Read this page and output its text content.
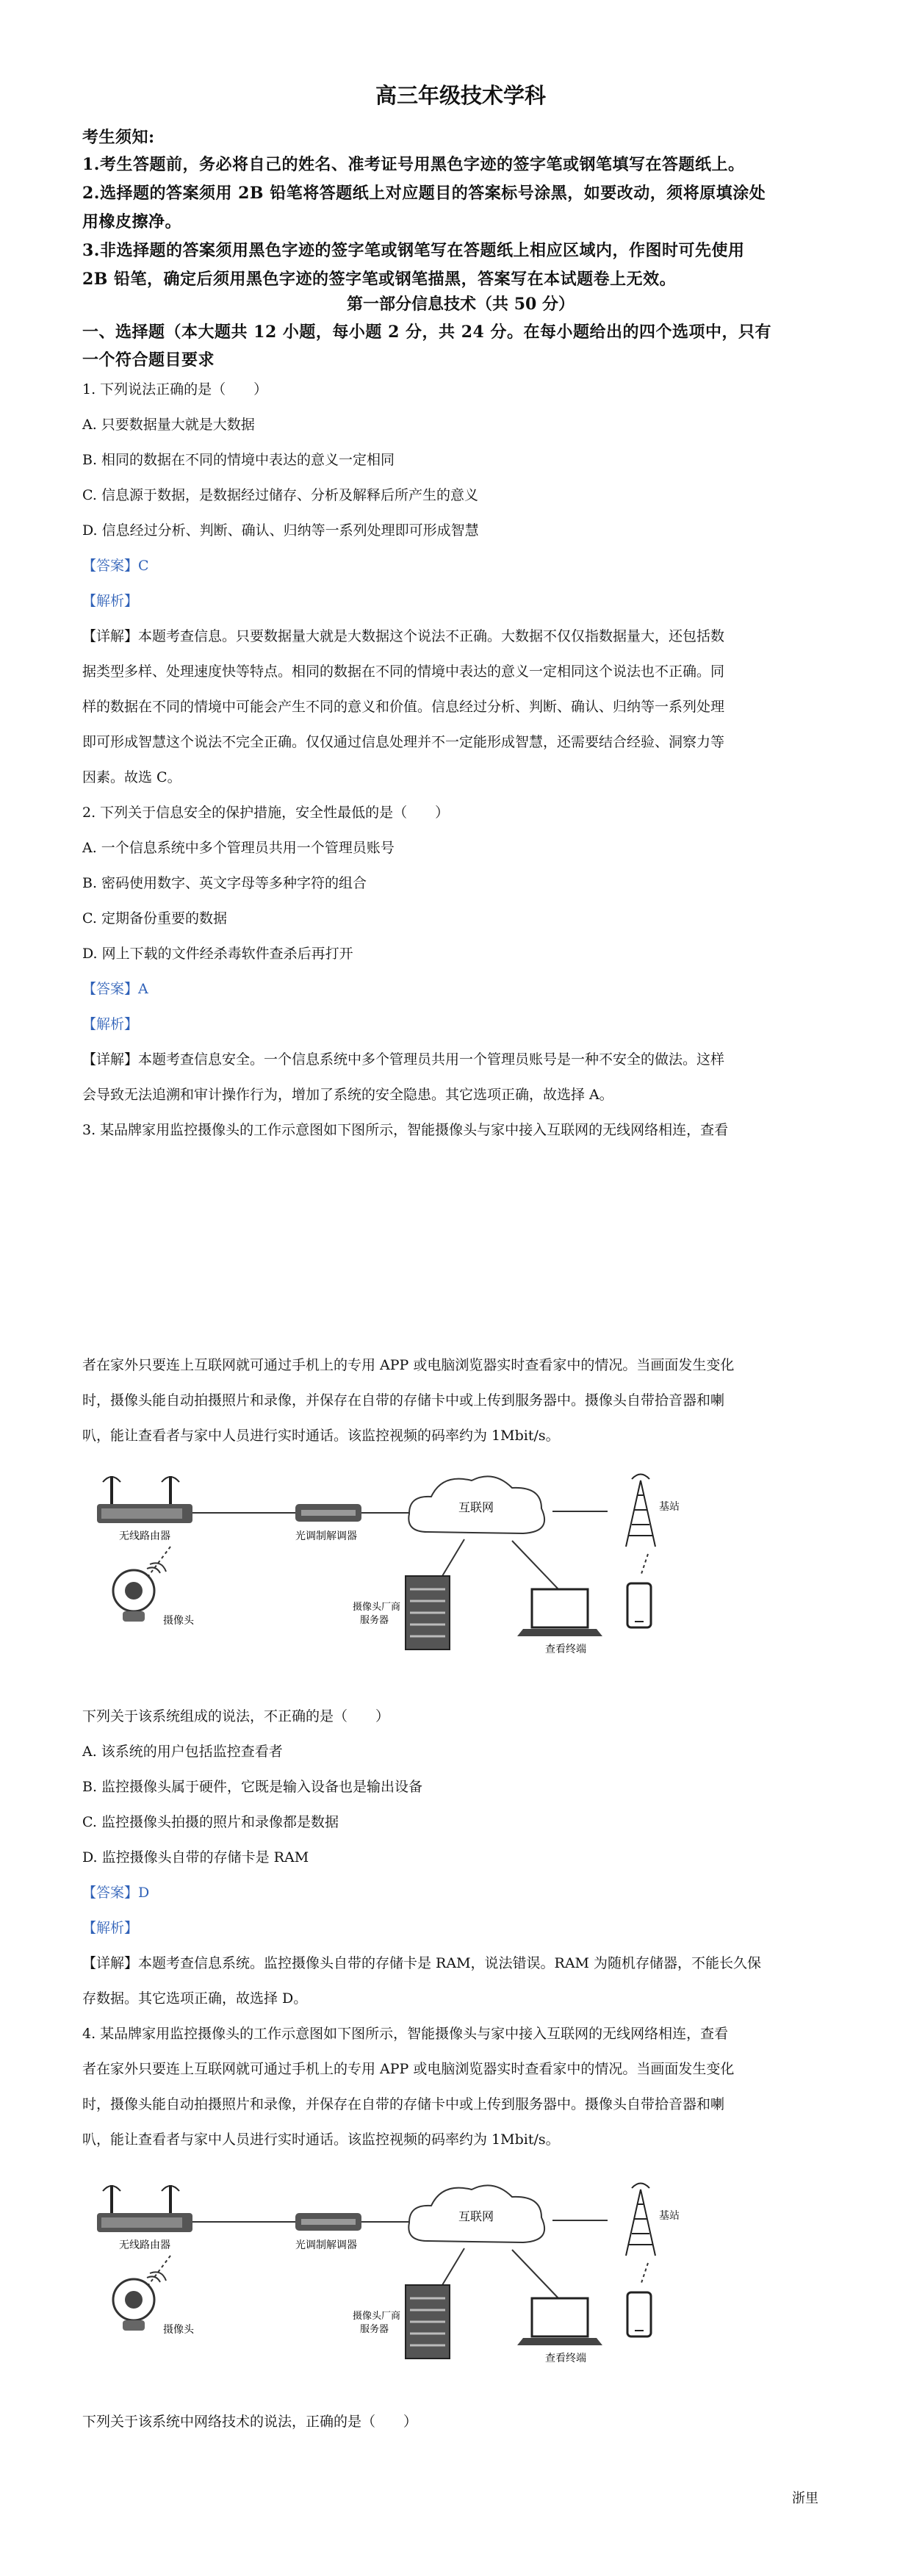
高三年级技术学科
考生须知:
1.考生答题前，务必将自己的姓名、准考证号用黑色字迹的签字笔或钢笔填写在答题纸上。
2.选择题的答案须用 2B 铅笔将答题纸上对应题目的答案标号涂黑，如要改动，须将原填涂处
用橡皮擦净。
3.非选择题的答案须用黑色字迹的签字笔或钢笔写在答题纸上相应区域内，作图时可先使用
2B 铅笔，确定后须用黑色字迹的签字笔或钢笔描黑，答案写在本试题卷上无效。
第一部分信息技术（共 50 分）
一、选择题（本大题共 12 小题，每小题 2 分，共 24 分。在每小题给出的四个选项中，只有
一个符合题目要求
1. 下列说法正确的是（　　）
A. 只要数据量大就是大数据
B. 相同的数据在不同的情境中表达的意义一定相同
C. 信息源于数据，是数据经过储存、分析及解释后所产生的意义
D. 信息经过分析、判断、确认、归纳等一系列处理即可形成智慧
【答案】C
【解析】
【详解】本题考查信息。只要数据量大就是大数据这个说法不正确。大数据不仅仅指数据量大，还包括数
据类型多样、处理速度快等特点。相同的数据在不同的情境中表达的意义一定相同这个说法也不正确。同
样的数据在不同的情境中可能会产生不同的意义和价值。信息经过分析、判断、确认、归纳等一系列处理
即可形成智慧这个说法不完全正确。仅仅通过信息处理并不一定能形成智慧，还需要结合经验、洞察力等
因素。故选 C。
2. 下列关于信息安全的保护措施，安全性最低的是（　　）
A. 一个信息系统中多个管理员共用一个管理员账号
B. 密码使用数字、英文字母等多种字符的组合
C. 定期备份重要的数据
D. 网上下载的文件经杀毒软件查杀后再打开
【答案】A
【解析】
【详解】本题考查信息安全。一个信息系统中多个管理员共用一个管理员账号是一种不安全的做法。这样
会导致无法追溯和审计操作行为，增加了系统的安全隐患。其它选项正确，故选择 A。
3. 某品牌家用监控摄像头的工作示意图如下图所示，智能摄像头与家中接入互联网的无线网络相连，查看
者在家外只要连上互联网就可通过手机上的专用 APP 或电脑浏览器实时查看家中的情况。当画面发生变化
时，摄像头能自动拍摄照片和录像，并保存在自带的存储卡中或上传到服务器中。摄像头自带拾音器和喇
叭，能让查看者与家中人员进行实时通话。该监控视频的码率约为 1Mbit/s。
无线路由器	光调制解调器
互联网	基站
摄像头
摄像头厂商
服务器
查看终端
下列关于该系统组成的说法，不正确的是（　　）
A. 该系统的用户包括监控查看者
B. 监控摄像头属于硬件，它既是输入设备也是输出设备
C. 监控摄像头拍摄的照片和录像都是数据
D. 监控摄像头自带的存储卡是 RAM
【答案】D
【解析】
【详解】本题考查信息系统。监控摄像头自带的存储卡是 RAM，说法错误。RAM 为随机存储器，不能长久保
存数据。其它选项正确，故选择 D。
4. 某品牌家用监控摄像头的工作示意图如下图所示，智能摄像头与家中接入互联网的无线网络相连，查看
者在家外只要连上互联网就可通过手机上的专用 APP 或电脑浏览器实时查看家中的情况。当画面发生变化
时，摄像头能自动拍摄照片和录像，并保存在自带的存储卡中或上传到服务器中。摄像头自带拾音器和喇
叭，能让查看者与家中人员进行实时通话。该监控视频的码率约为 1Mbit/s。
无线路由器	光调制解调器
互联网	基站
摄像头
摄像头厂商
服务器
查看终端
下列关于该系统中网络技术的说法，正确的是（　　）
浙里
